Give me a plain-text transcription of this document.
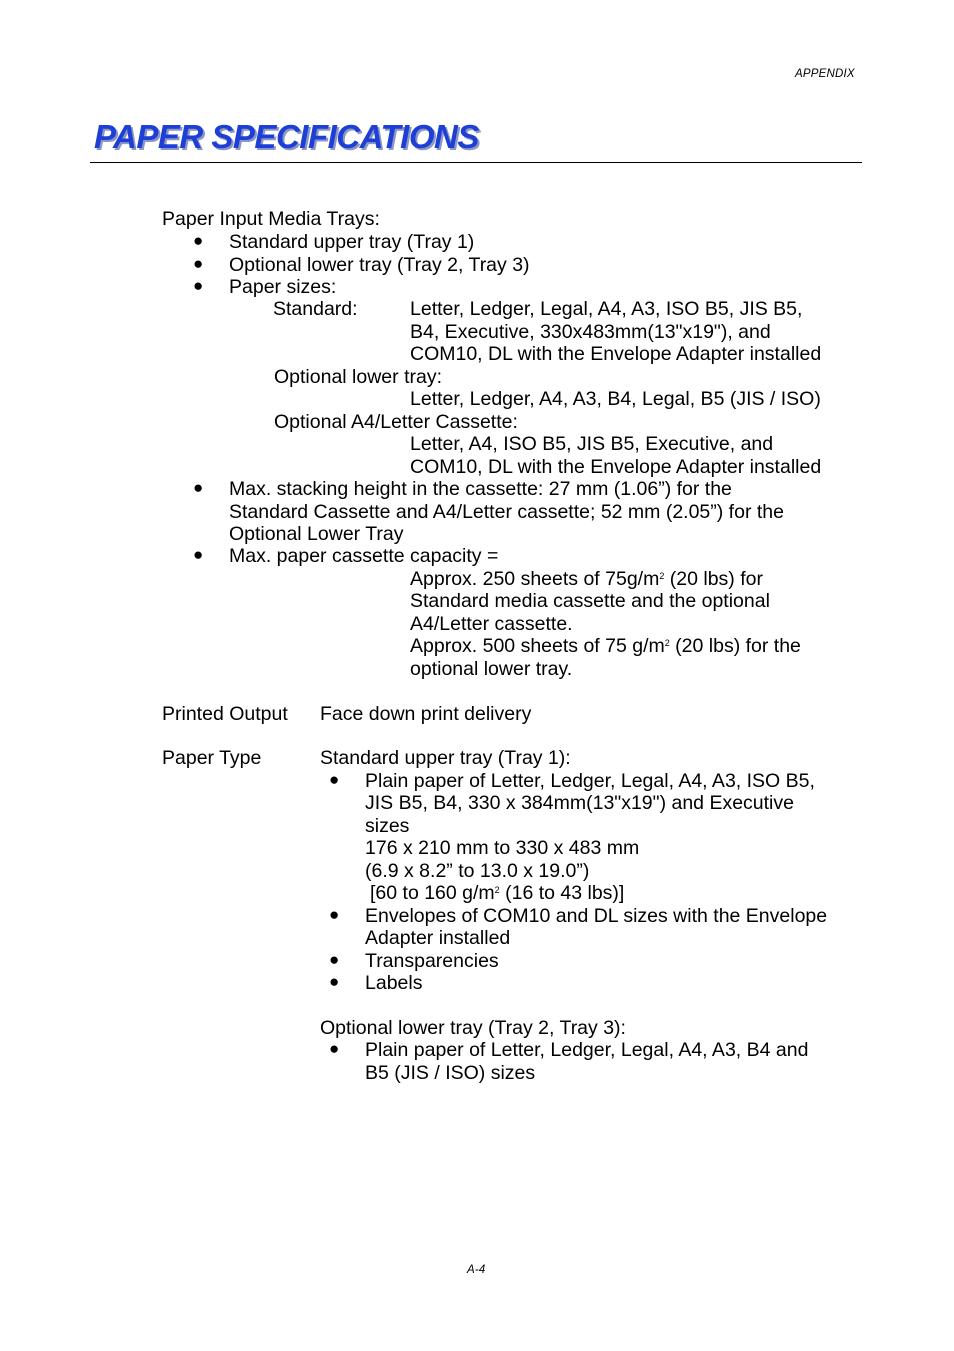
APPENDIX
PAPER SPECIFICATIONS
Paper Input Media Trays:
● Standard upper tray (Tray 1)
● Optional lower tray (Tray 2, Tray 3)
● Paper sizes:
Standard:	Letter, Ledger, Legal, A4, A3, ISO B5, JIS B5,
B4, Executive, 330x483mm(13"x19"), and
COM10, DL with the Envelope Adapter installed
Optional lower tray:
Letter, Ledger, A4, A3, B4, Legal, B5 (JIS / ISO)
Optional A4/Letter Cassette:
Letter, A4, ISO B5, JIS B5, Executive, and
COM10, DL with the Envelope Adapter installed
● Max. stacking height in the cassette: 27 mm (1.06”) for the
Standard Cassette and A4/Letter cassette; 52 mm (2.05”) for the
Optional Lower Tray
● Max. paper cassette capacity =
Approx. 250 sheets of $75g/m^2$ (20 lbs) for
Standard media cassette and the optional
A4/Letter cassette.
Approx. 500 sheets of 75 $g/m^2$ (20 lbs) for the
optional lower tray.
Printed Output Face down print delivery
Paper Type	Standard upper tray (Tray 1):
● Plain paper of Letter, Ledger, Legal, A4, A3, ISO B5,
JIS B5, B4, 330 x 384mm(13"x19") and Executive
sizes
176 x 210 mm to 330 x 483 mm
(6.9 x 8.2” to 13.0 x 19.0”)
[60 to 160 $g/m^2$ (16 to 43 lbs)]
● Envelopes of COM10 and DL sizes with the Envelope
Adapter installed
● Transparencies
● Labels
Optional lower tray (Tray 2, Tray 3):
● Plain paper of Letter, Ledger, Legal, A4, A3, B4 and
B5 (JIS / ISO) sizes
A-4
